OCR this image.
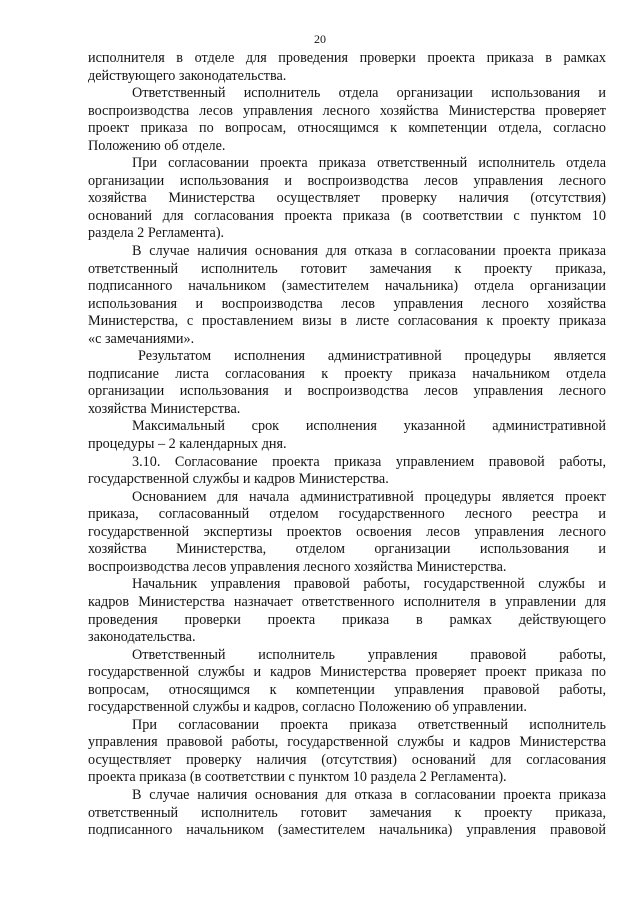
20
исполнителя в отделе для проведения проверки проекта приказа в рамках
действующего законодательства.
Ответственный исполнитель отдела организации использования и
воспроизводства лесов управления лесного хозяйства Министерства проверяет
проект приказа по вопросам, относящимся к компетенции отдела, согласно
Положению об отделе.
При согласовании проекта приказа ответственный исполнитель отдела
организации использования и воспроизводства лесов управления лесного
хозяйства Министерства осуществляет проверку наличия (отсутствия)
оснований для согласования проекта приказа (в соответствии с пунктом 10
раздела 2 Регламента).
В случае наличия основания для отказа в согласовании проекта приказа
ответственный исполнитель готовит замечания к проекту приказа,
подписанного начальником (заместителем начальника) отдела организации
использования и воспроизводства лесов управления лесного хозяйства
Министерства, с проставлением визы в листе согласования к проекту приказа
«с замечаниями».
Результатом исполнения административной процедуры является
подписание листа согласования к проекту приказа начальником отдела
организации использования и воспроизводства лесов управления лесного
хозяйства Министерства.
Максимальный срок исполнения указанной административной
процедуры – 2 календарных дня.
3.10. Согласование проекта приказа управлением правовой работы,
государственной службы и кадров Министерства.
Основанием для начала административной процедуры является проект
приказа, согласованный отделом государственного лесного реестра и
государственной экспертизы проектов освоения лесов управления лесного
хозяйства Министерства, отделом организации использования и
воспроизводства лесов управления лесного хозяйства Министерства.
Начальник управления правовой работы, государственной службы и
кадров Министерства назначает ответственного исполнителя в управлении для
проведения проверки проекта приказа в рамках действующего
законодательства.
Ответственный исполнитель управления правовой работы,
государственной службы и кадров Министерства проверяет проект приказа по
вопросам, относящимся к компетенции управления правовой работы,
государственной службы и кадров, согласно Положению об управлении.
При согласовании проекта приказа ответственный исполнитель
управления правовой работы, государственной службы и кадров Министерства
осуществляет проверку наличия (отсутствия) оснований для согласования
проекта приказа (в соответствии с пунктом 10 раздела 2 Регламента).
В случае наличия основания для отказа в согласовании проекта приказа
ответственный исполнитель готовит замечания к проекту приказа,
подписанного начальником (заместителем начальника) управления правовой
